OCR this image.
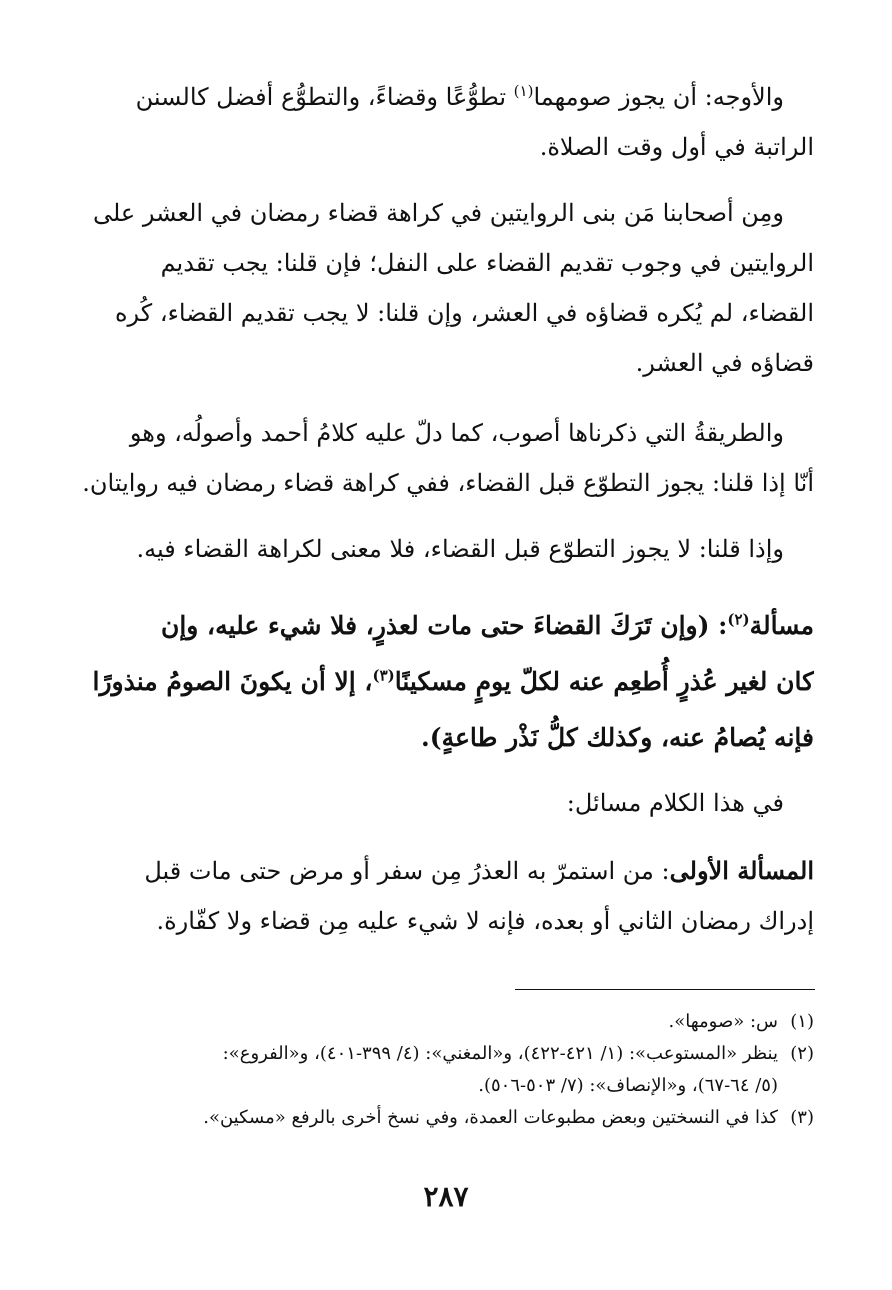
والأوجه: أن يجوز صومهما$^{(١)}$ تطوُّعًا وقضاءً، والتطوُّع أفضل كالسنن
الراتبة في أول وقت الصلاة.

ومِن أصحابنا مَن بنى الروايتين في كراهة قضاء رمضان في العشر على
الروايتين في وجوب تقديم القضاء على النفل؛ فإن قلنا: يجب تقديم
القضاء، لم يُكره قضاؤه في العشر، وإن قلنا: لا يجب تقديم القضاء، كُره
قضاؤه في العشر.

والطريقةُ التي ذكرناها أصوب، كما دلّ عليه كلامُ أحمد وأصولُه، وهو
أنّا إذا قلنا: يجوز التطوّع قبل القضاء، ففي كراهة قضاء رمضان فيه روايتان.

وإذا قلنا: لا يجوز التطوّع قبل القضاء، فلا معنى لكراهة القضاء فيه.

مسألة$^{(٢)}$: (وإن تَرَكَ القضاءَ حتى مات لعذرٍ، فلا شيء عليه، وإن
كان لغير عُذرٍ أُطعِم عنه لكلّ يومٍ مسكينًا$^{(٣)}$، إلا أن يكونَ الصومُ منذورًا
فإنه يُصامُ عنه، وكذلك كلُّ نَذْر طاعةٍ).

في هذا الكلام مسائل:

المسألة الأولى: من استمرّ به العذرُ مِن سفر أو مرض حتى مات قبل
إدراك رمضان الثاني أو بعده، فإنه لا شيء عليه مِن قضاء ولا كفّارة.

(١)س: «صومها».
(٢)ينظر «المستوعب»: (١/ ٤٢١-٤٢٢)، و«المغني»: (٤/ ٣٩٩-٤٠١)، و«الفروع»:
(٥/ ٦٤-٦٧)، و«الإنصاف»: (٧/ ٥٠٣-٥٠٦).
(٣)كذا في النسختين وبعض مطبوعات العمدة، وفي نسخ أخرى بالرفع «مسكين».
٢٨٧
